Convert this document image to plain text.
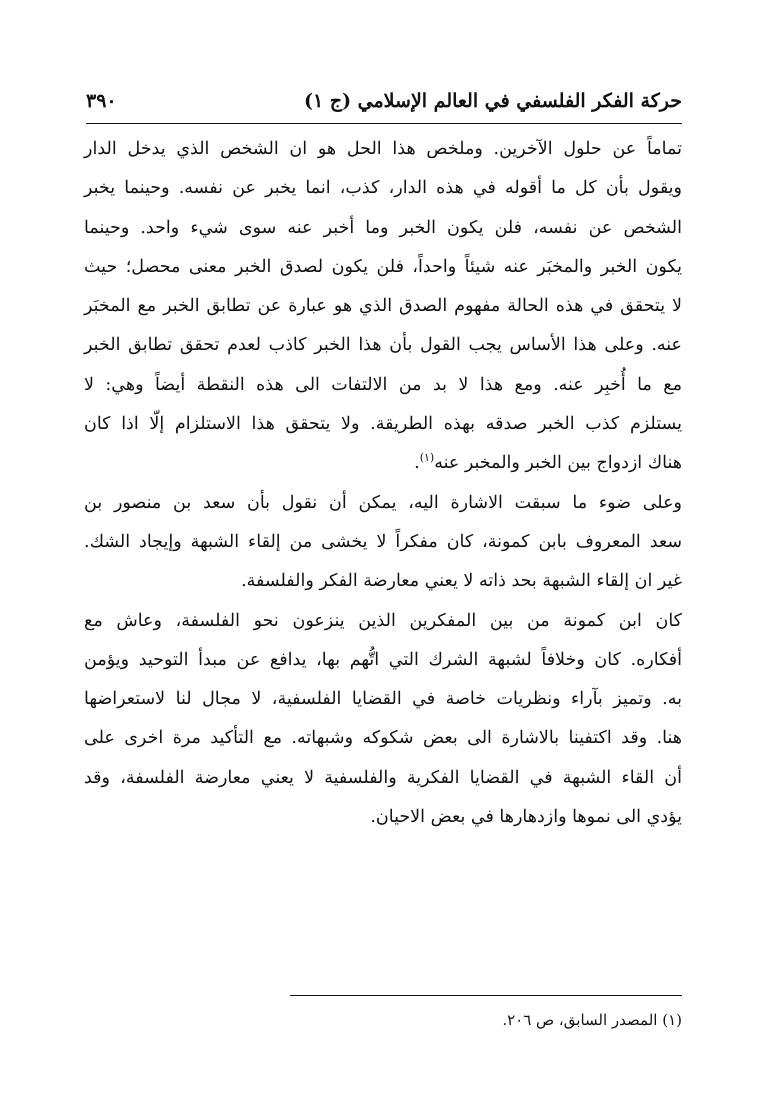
حركة الفكر الفلسفي في العالم الإسلامي (ج ١)
٣٩٠
تماماً عن حلول الآخرين. وملخص هذا الحل هو ان الشخص الذي يدخل الدار
ويقول بأن كل ما أقوله في هذه الدار، كذب، انما يخبر عن نفسه. وحينما يخبر
الشخص عن نفسه، فلن يكون الخبر وما أخبر عنه سوى شيء واحد. وحينما
يكون الخبر والمخبَر عنه شيئاً واحداً، فلن يكون لصدق الخبر معنى محصل؛ حيث
لا يتحقق في هذه الحالة مفهوم الصدق الذي هو عبارة عن تطابق الخبر مع المخبَر
عنه. وعلى هذا الأساس يجب القول بأن هذا الخبر كاذب لعدم تحقق تطابق الخبر
مع ما أُخبِر عنه. ومع هذا لا بد من الالتفات الى هذه النقطة أيضاً وهي: لا
يستلزم كذب الخبر صدقه بهذه الطريقة. ولا يتحقق هذا الاستلزام إلّا اذا كان
هناك ازدواج بين الخبر والمخبر عنه$^{(١)}$.
وعلى ضوء ما سبقت الاشارة اليه، يمكن أن نقول بأن سعد بن منصور بن
سعد المعروف بابن كمونة، كان مفكراً لا يخشى من إلقاء الشبهة وإيجاد الشك.
غير ان إلقاء الشبهة بحد ذاته لا يعني معارضة الفكر والفلسفة.
كان ابن كمونة من بين المفكرين الذين ينزعون نحو الفلسفة، وعاش مع
أفكاره. كان وخلافاً لشبهة الشرك التي اتُّهم بها، يدافع عن مبدأ التوحيد ويؤمن
به. وتميز بآراء ونظريات خاصة في القضايا الفلسفية، لا مجال لنا لاستعراضها
هنا. وقد اكتفينا بالاشارة الى بعض شكوكه وشبهاته. مع التأكيد مرة اخرى على
أن القاء الشبهة في القضايا الفكرية والفلسفية لا يعني معارضة الفلسفة، وقد
يؤدي الى نموها وازدهارها في بعض الاحيان.
(١) المصدر السابق، ص ٢٠٦.
